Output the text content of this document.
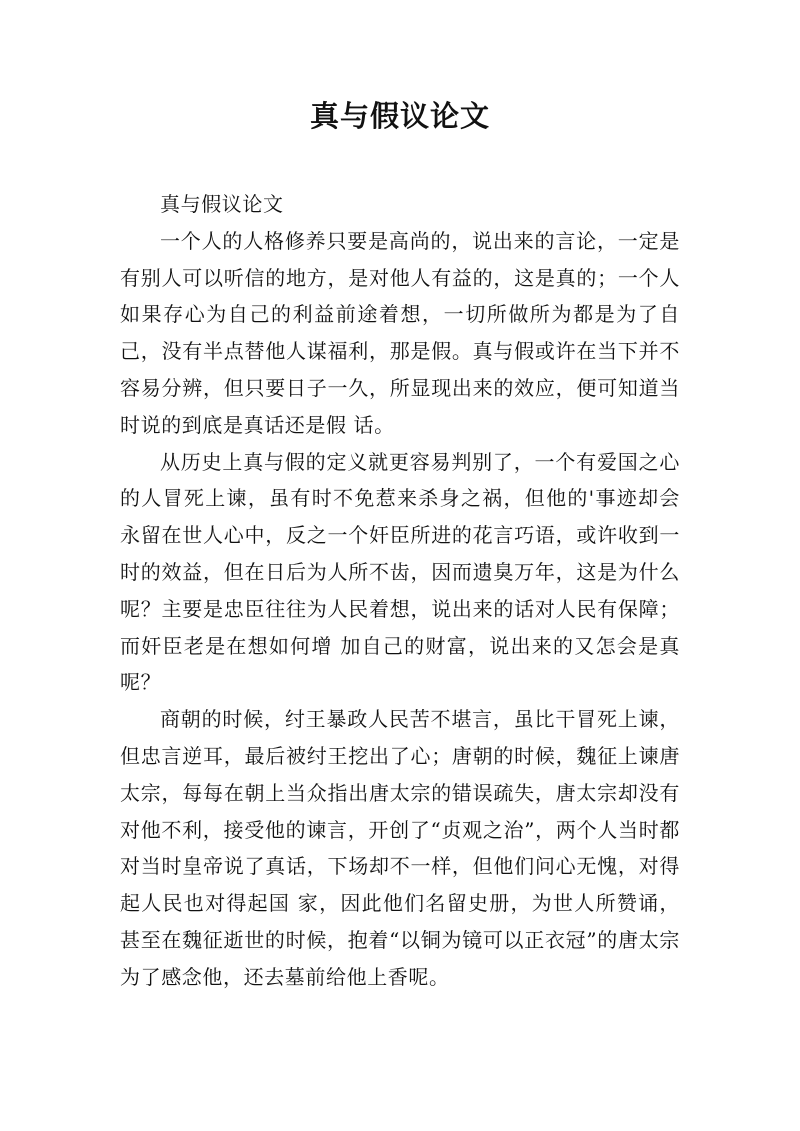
真与假议论文

真与假议论文

一个人的人格修养只要是高尚的，说出来的言论，一定是有别人可以听信的地方，是对他人有益的，这是真的；一个人如果存心为自己的利益前途着想，一切所做所为都是为了自己，没有半点替他人谋福利，那是假。真与假或许在当下并不容易分辨，但只要日子一久，所显现出来的效应，便可知道当时说的到底是真话还是假 话。

从历史上真与假的定义就更容易判别了，一个有爱国之心的人冒死上谏，虽有时不免惹来杀身之祸，但他的'事迹却会永留在世人心中，反之一个奸臣所进的花言巧语，或许收到一时的效益，但在日后为人所不齿，因而遗臭万年，这是为什么呢？主要是忠臣往往为人民着想，说出来的话对人民有保障；而奸臣老是在想如何增 加自己的财富，说出来的又怎会是真呢？

商朝的时候，纣王暴政人民苦不堪言，虽比干冒死上谏，但忠言逆耳，最后被纣王挖出了心；唐朝的时候，魏征上谏唐太宗，每每在朝上当众指出唐太宗的错误疏失，唐太宗却没有对他不利，接受他的谏言，开创了“贞观之治”，两个人当时都对当时皇帝说了真话，下场却不一样，但他们问心无愧，对得起人民也对得起国 家，因此他们名留史册，为世人所赞诵，甚至在魏征逝世的时候，抱着“以铜为镜可以正衣冠”的唐太宗为了感念他，还去墓前给他上香呢。
